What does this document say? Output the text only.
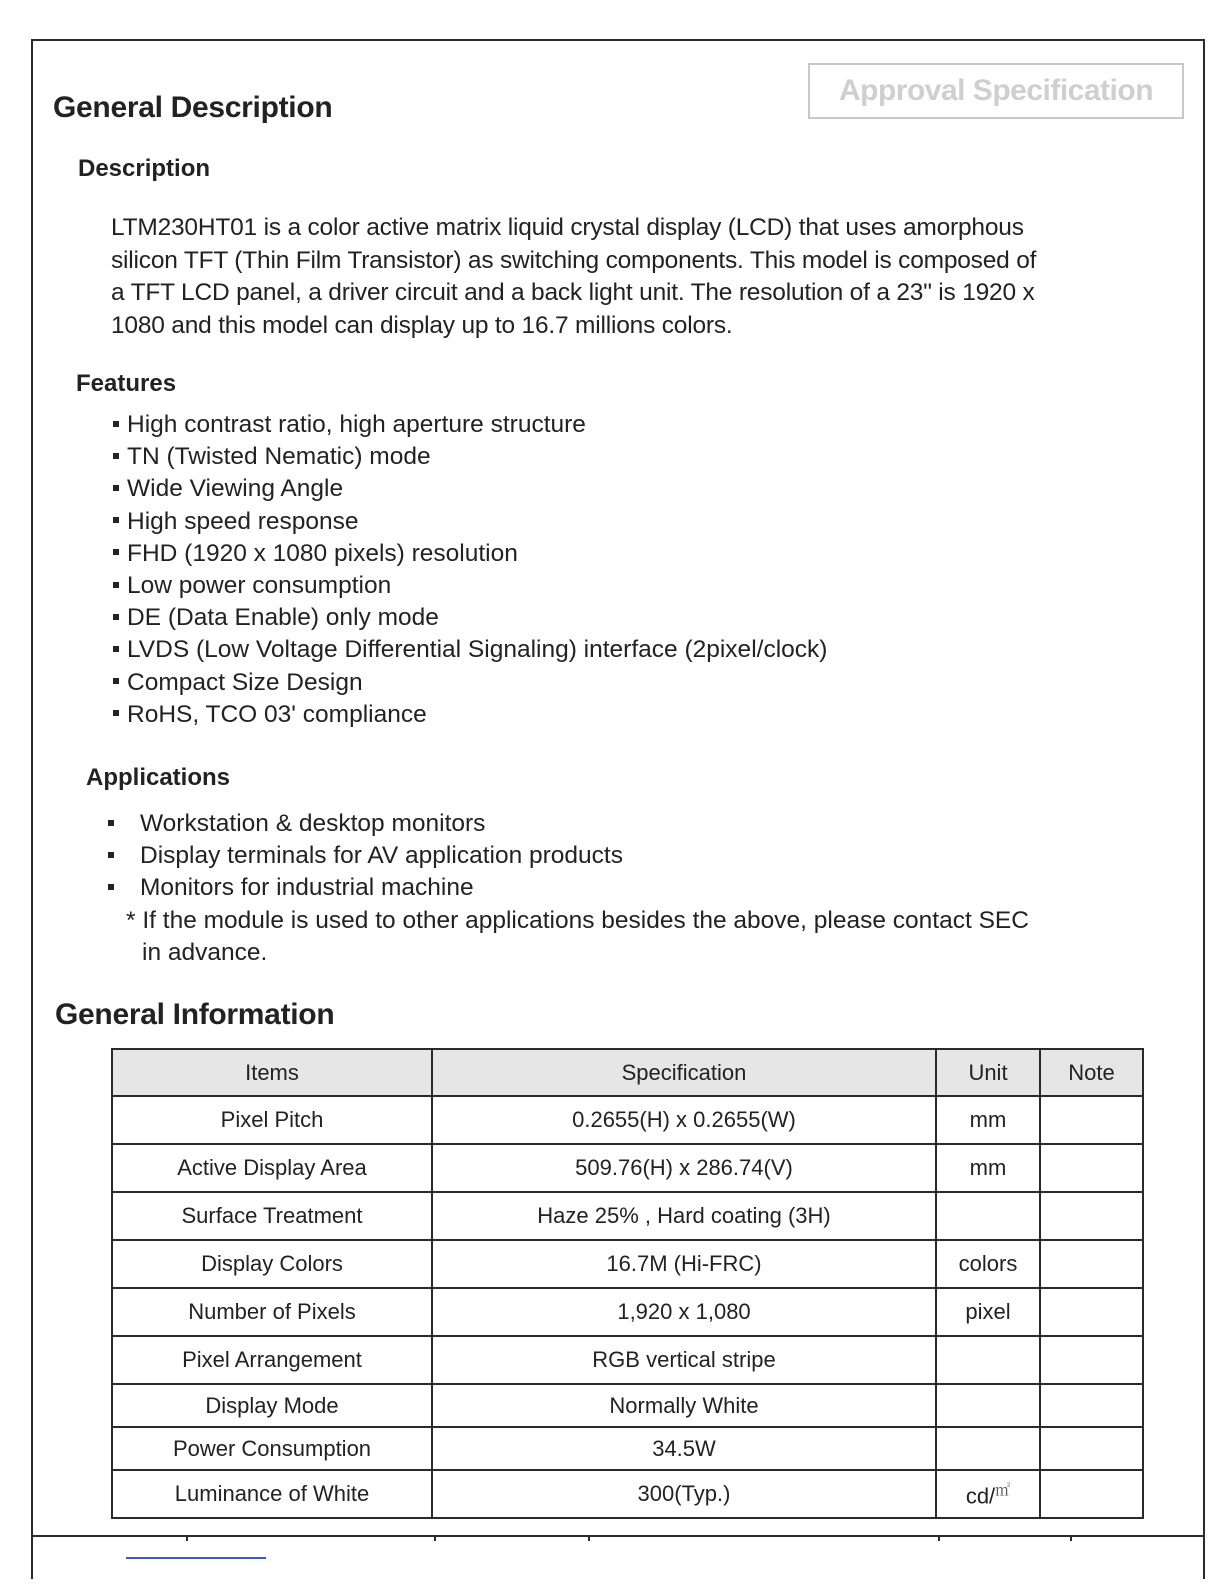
Approval Specification
General Description
Description
LTM230HT01 is a color active matrix liquid crystal display (LCD) that uses amorphous
silicon TFT (Thin Film Transistor) as switching components. This model is composed of
a TFT LCD panel, a driver circuit and a back light unit. The resolution of a 23" is 1920 x
1080 and this model can display up to 16.7 millions colors.
Features
High contrast ratio, high aperture structure
TN (Twisted Nematic) mode
Wide Viewing Angle
High speed response
FHD (1920 x 1080 pixels) resolution
Low power consumption
DE (Data Enable) only mode
LVDS (Low Voltage Differential Signaling) interface (2pixel/clock)
Compact Size Design
RoHS, TCO 03' compliance
Applications
Workstation & desktop monitors
Display terminals for AV application products
Monitors for industrial machine
* If the module is used to other applications besides the above, please contact SEC
in advance.
General Information
Items	Specification	Unit	Note
Pixel Pitch	0.2655(H) x 0.2655(W)	mm	
Active Display Area	509.76(H) x 286.74(V)	mm	
Surface Treatment	Haze 25% , Hard coating (3H)		
Display Colors	16.7M (Hi-FRC)	colors	
Number of Pixels	1,920 x 1,080	pixel	
Pixel Arrangement	RGB vertical stripe		
Display Mode	Normally White		
Power Consumption	34.5W		
Luminance of White	300(Typ.)	cd/㎡	
